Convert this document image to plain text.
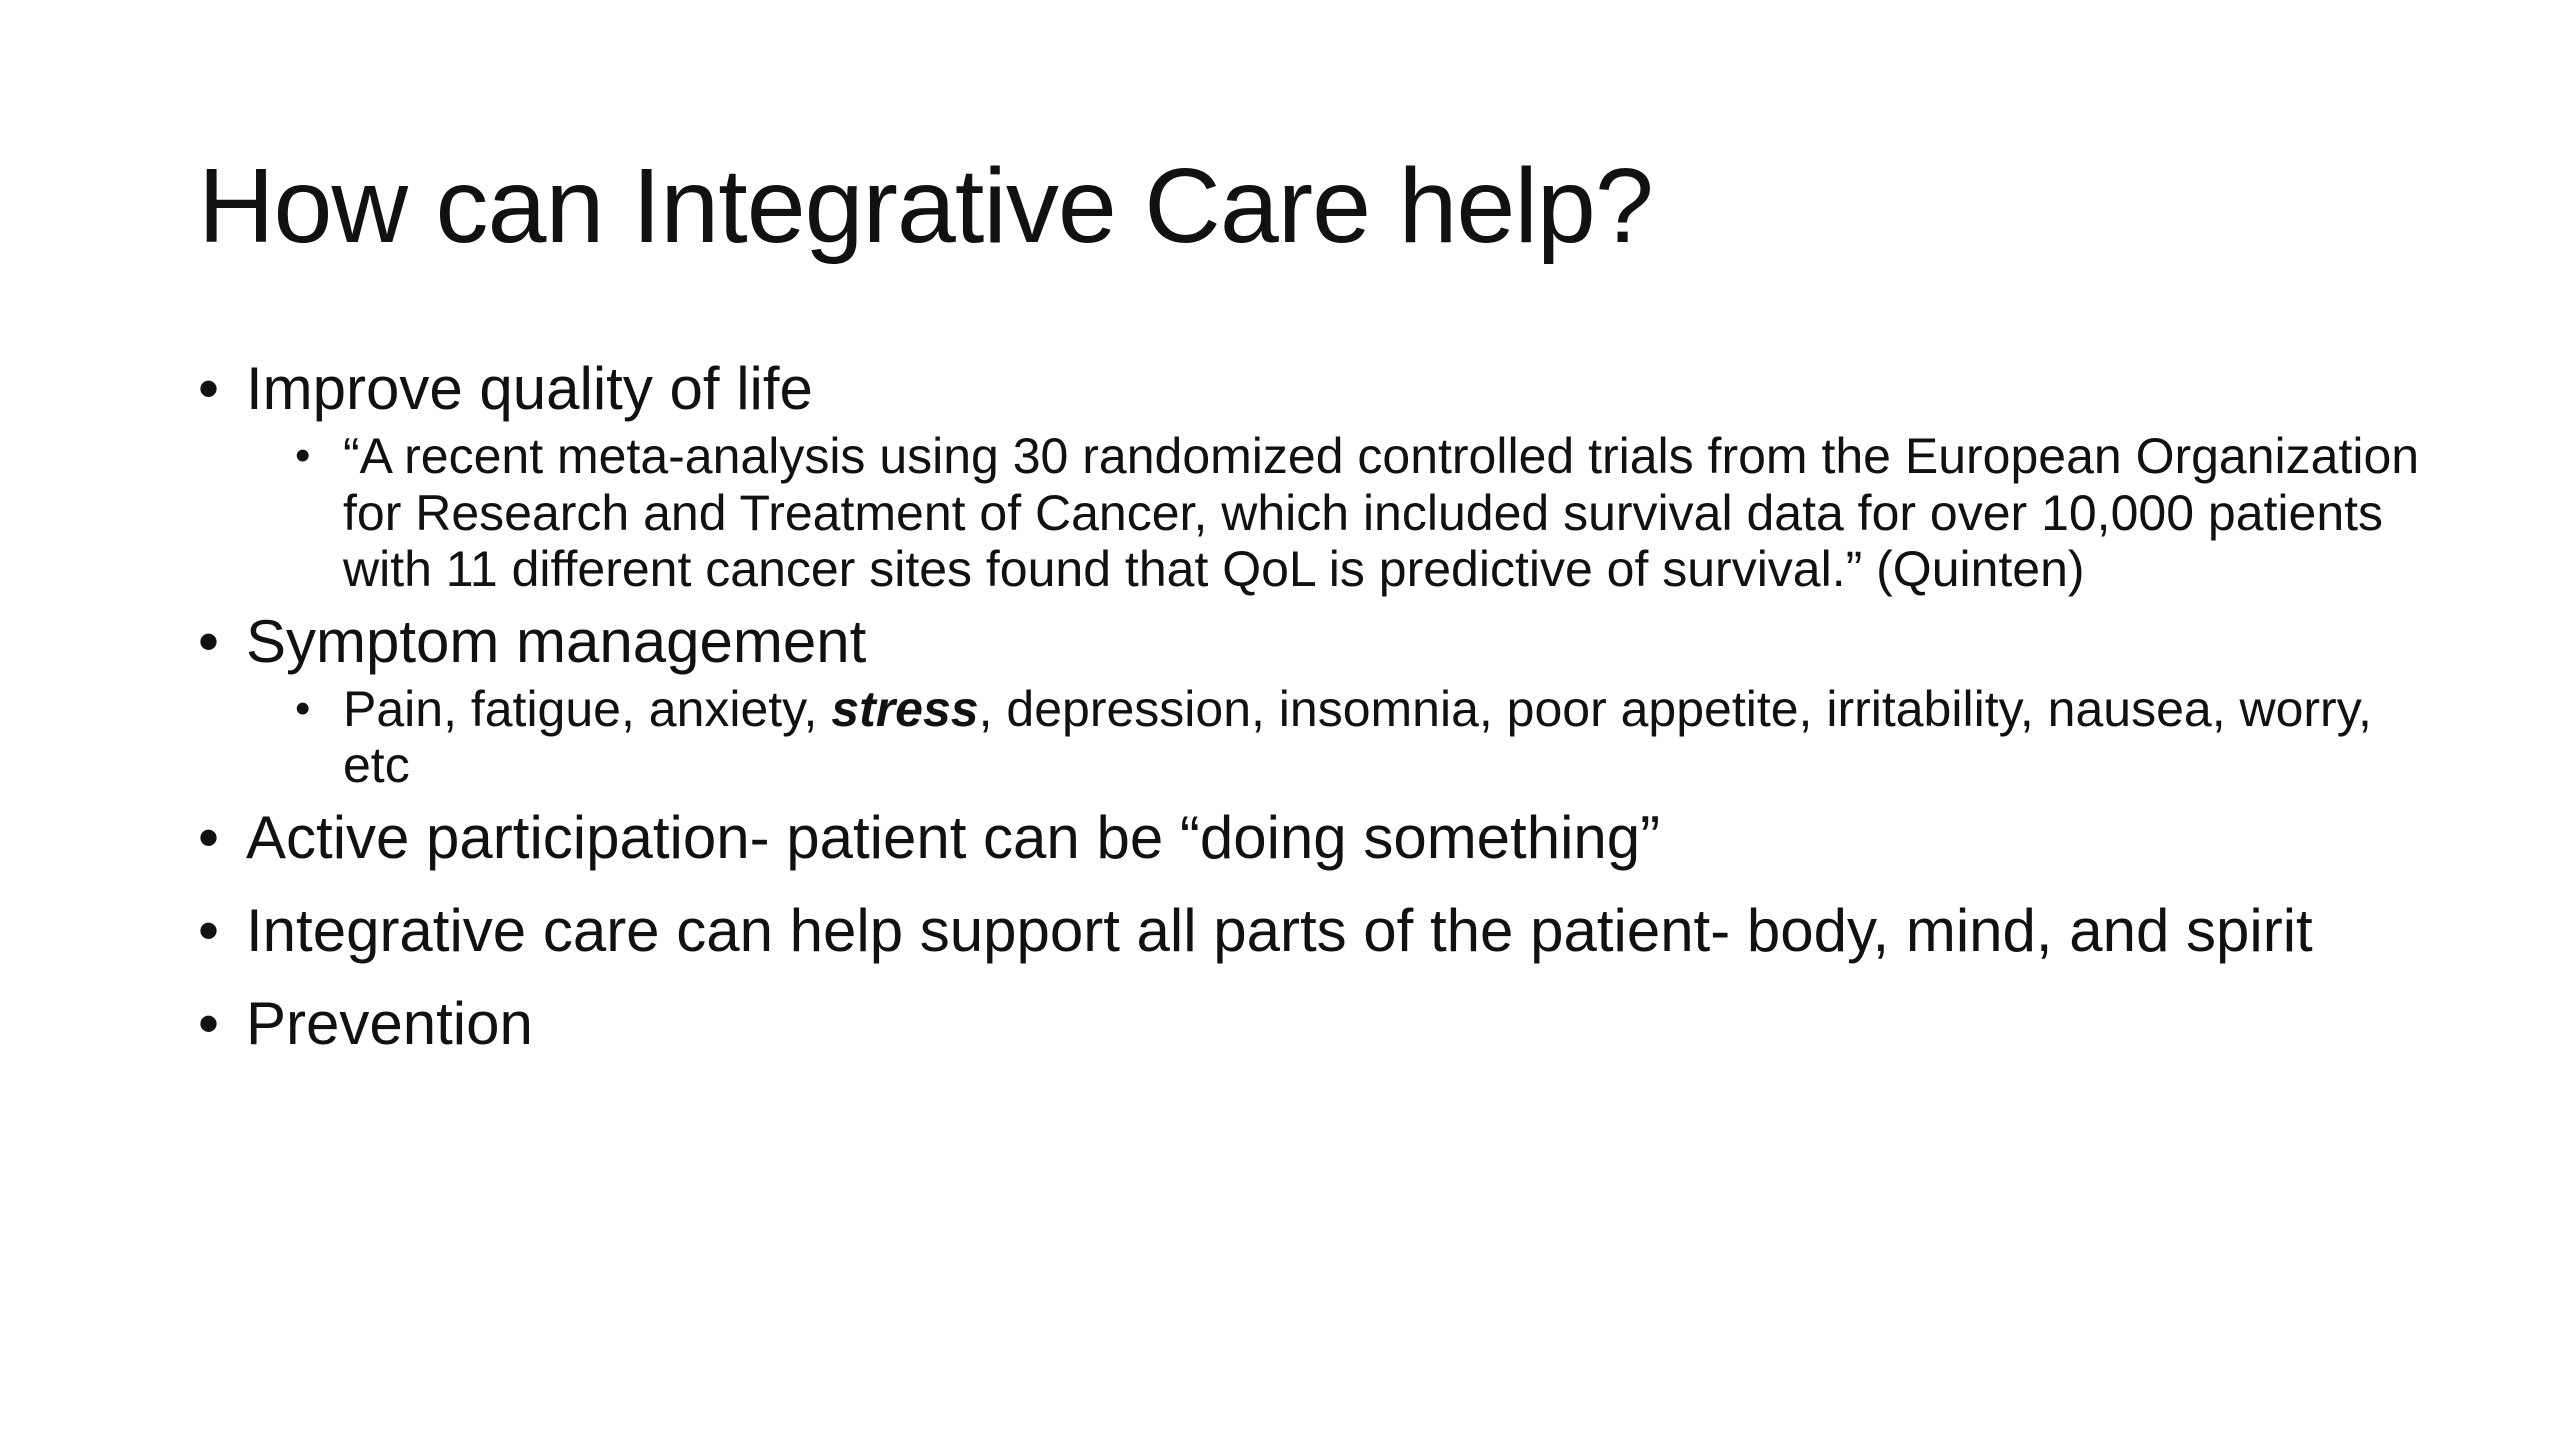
How can Integrative Care help?
• Improve quality of life
• “A recent meta-analysis using 30 randomized controlled trials from the European Organization for Research and Treatment of Cancer, which included survival data for over 10,000 patients with 11 different cancer sites found that QoL is predictive of survival.” (Quinten)
• Symptom management
• Pain, fatigue, anxiety, stress, depression, insomnia, poor appetite, irritability, nausea, worry, etc
• Active participation- patient can be “doing something”
• Integrative care can help support all parts of the patient- body, mind, and spirit
• Prevention
